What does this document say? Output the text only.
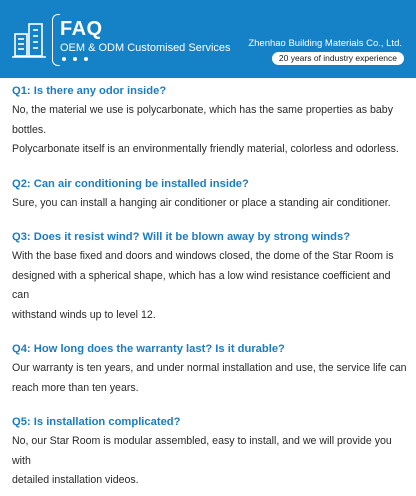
FAQ
OEM & ODM Customised Services Zhenhao Building Materials Co., Ltd.
20 years of industry experience
Q1: Is there any odor inside?
No, the material we use is polycarbonate, which has the same properties as baby bottles.
Polycarbonate itself is an environmentally friendly material, colorless and odorless.
Q2: Can air conditioning be installed inside?
Sure, you can install a hanging air conditioner or place a standing air conditioner.
Q3: Does it resist wind? Will it be blown away by strong winds?
With the base fixed and doors and windows closed, the dome of the Star Room is
designed with a spherical shape, which has a low wind resistance coefficient and can
withstand winds up to level 12.
Q4: How long does the warranty last? Is it durable?
Our warranty is ten years, and under normal installation and use, the service life can
reach more than ten years.
Q5: Is installation complicated?
No, our Star Room is modular assembled, easy to install, and we will provide you with
detailed installation videos.
